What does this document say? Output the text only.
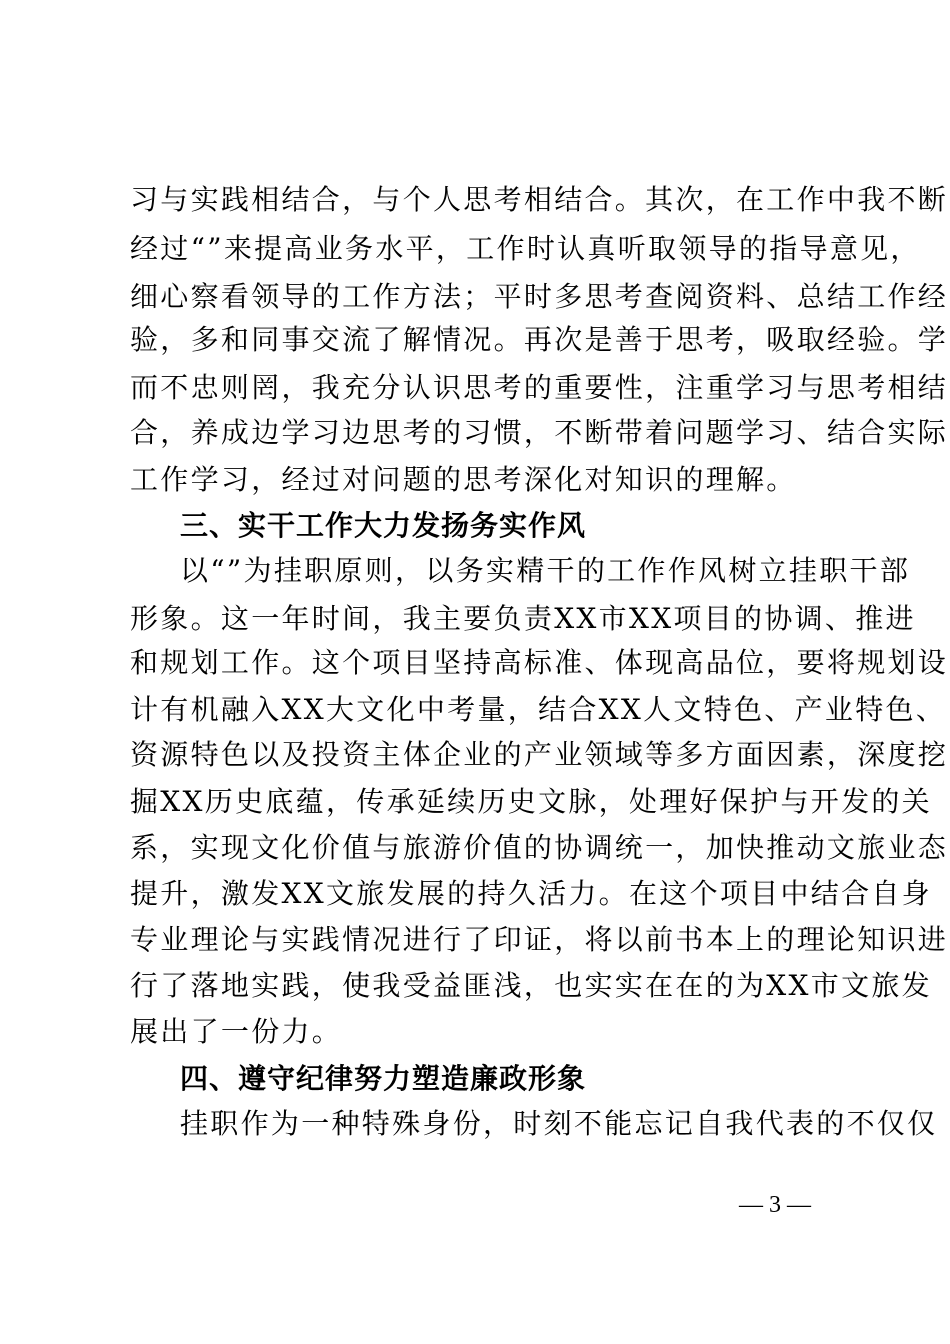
习与实践相结合，与个人思考相结合。其次，在工作中我不断
经过“”来提高业务水平，工作时认真听取领导的指导意见，
细心察看领导的工作方法；平时多思考查阅资料、总结工作经
验，多和同事交流了解情况。再次是善于思考，吸取经验。学
而不忠则罔，我充分认识思考的重要性，注重学习与思考相结
合，养成边学习边思考的习惯，不断带着问题学习、结合实际
工作学习，经过对问题的思考深化对知识的理解。
三、实干工作大力发扬务实作风
以“”为挂职原则，以务实精干的工作作风树立挂职干部
形象。这一年时间，我主要负责XX市XX项目的协调、推进
和规划工作。这个项目坚持高标准、体现高品位，要将规划设
计有机融入XX大文化中考量，结合XX人文特色、产业特色、
资源特色以及投资主体企业的产业领域等多方面因素，深度挖
掘XX历史底蕴，传承延续历史文脉，处理好保护与开发的关
系，实现文化价值与旅游价值的协调统一，加快推动文旅业态
提升，激发XX文旅发展的持久活力。在这个项目中结合自身
专业理论与实践情况进行了印证，将以前书本上的理论知识进
行了落地实践，使我受益匪浅，也实实在在的为XX市文旅发
展出了一份力。
四、遵守纪律努力塑造廉政形象
挂职作为一种特殊身份，时刻不能忘记自我代表的不仅仅
— 3 —
